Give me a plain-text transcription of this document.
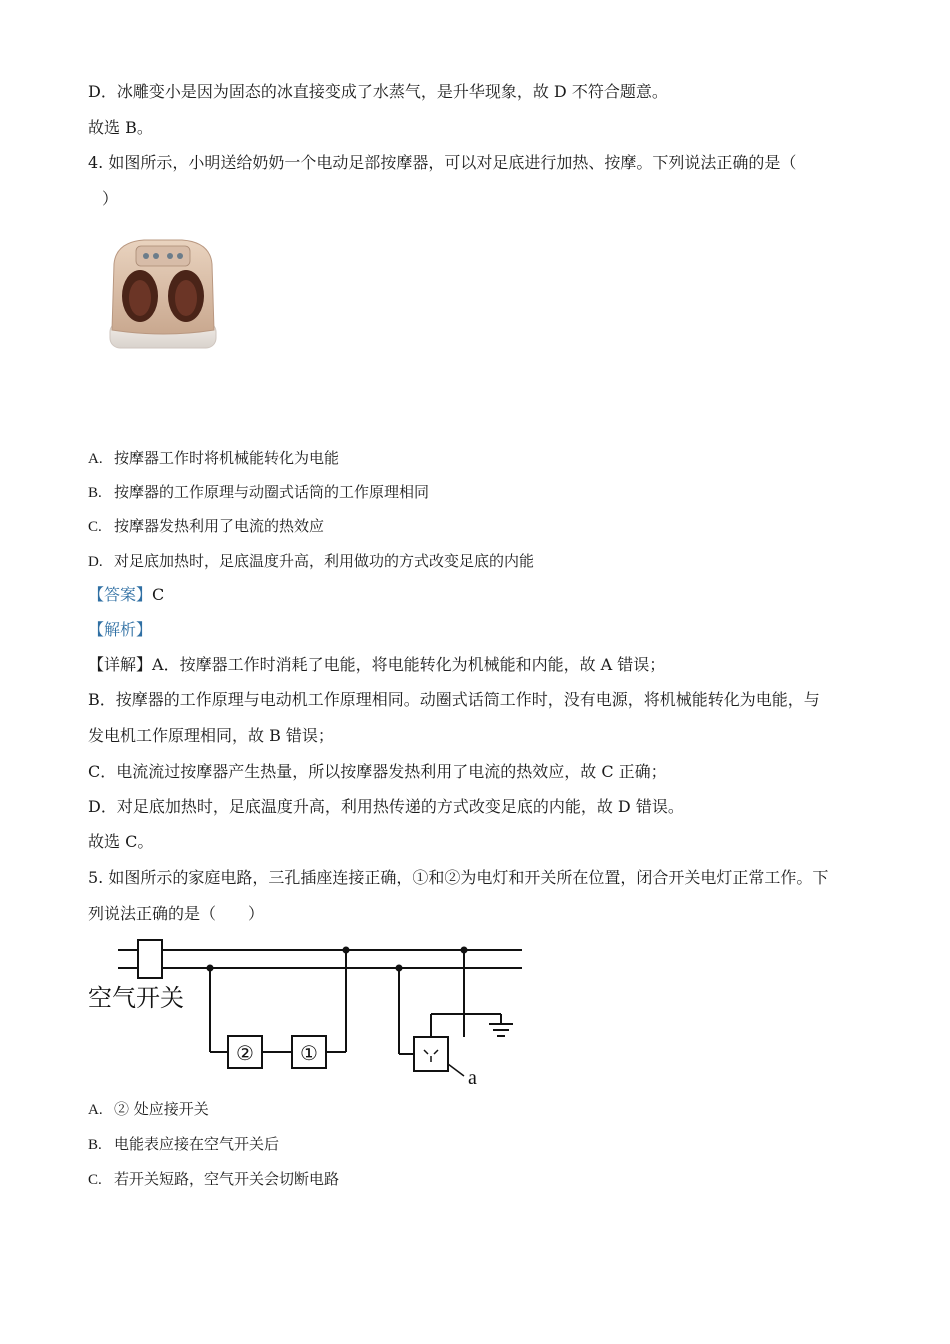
D．冰雕变小是因为固态的冰直接变成了水蒸气，是升华现象，故 D 不符合题意。
故选 B。
4. 如图所示，小明送给奶奶一个电动足部按摩器，可以对足底进行加热、按摩。下列说法正确的是（
）
A. 按摩器工作时将机械能转化为电能
B. 按摩器的工作原理与动圈式话筒的工作原理相同
C. 按摩器发热利用了电流的热效应
D. 对足底加热时，足底温度升高，利用做功的方式改变足底的内能
【答案】C
【解析】
【详解】A．按摩器工作时消耗了电能，将电能转化为机械能和内能，故 A 错误；
B．按摩器的工作原理与电动机工作原理相同。动圈式话筒工作时，没有电源，将机械能转化为电能，与
发电机工作原理相同，故 B 错误；
C．电流流过按摩器产生热量，所以按摩器发热利用了电流的热效应，故 C 正确；
D．对足底加热时，足底温度升高，利用热传递的方式改变足底的内能，故 D 错误。
故选 C。
5. 如图所示的家庭电路，三孔插座连接正确，①和②为电灯和开关所在位置，闭合开关电灯正常工作。下
列说法正确的是（　　）
空气开关
② ①
a
A. ② 处应接开关
B. 电能表应接在空气开关后
C. 若开关短路，空气开关会切断电路
